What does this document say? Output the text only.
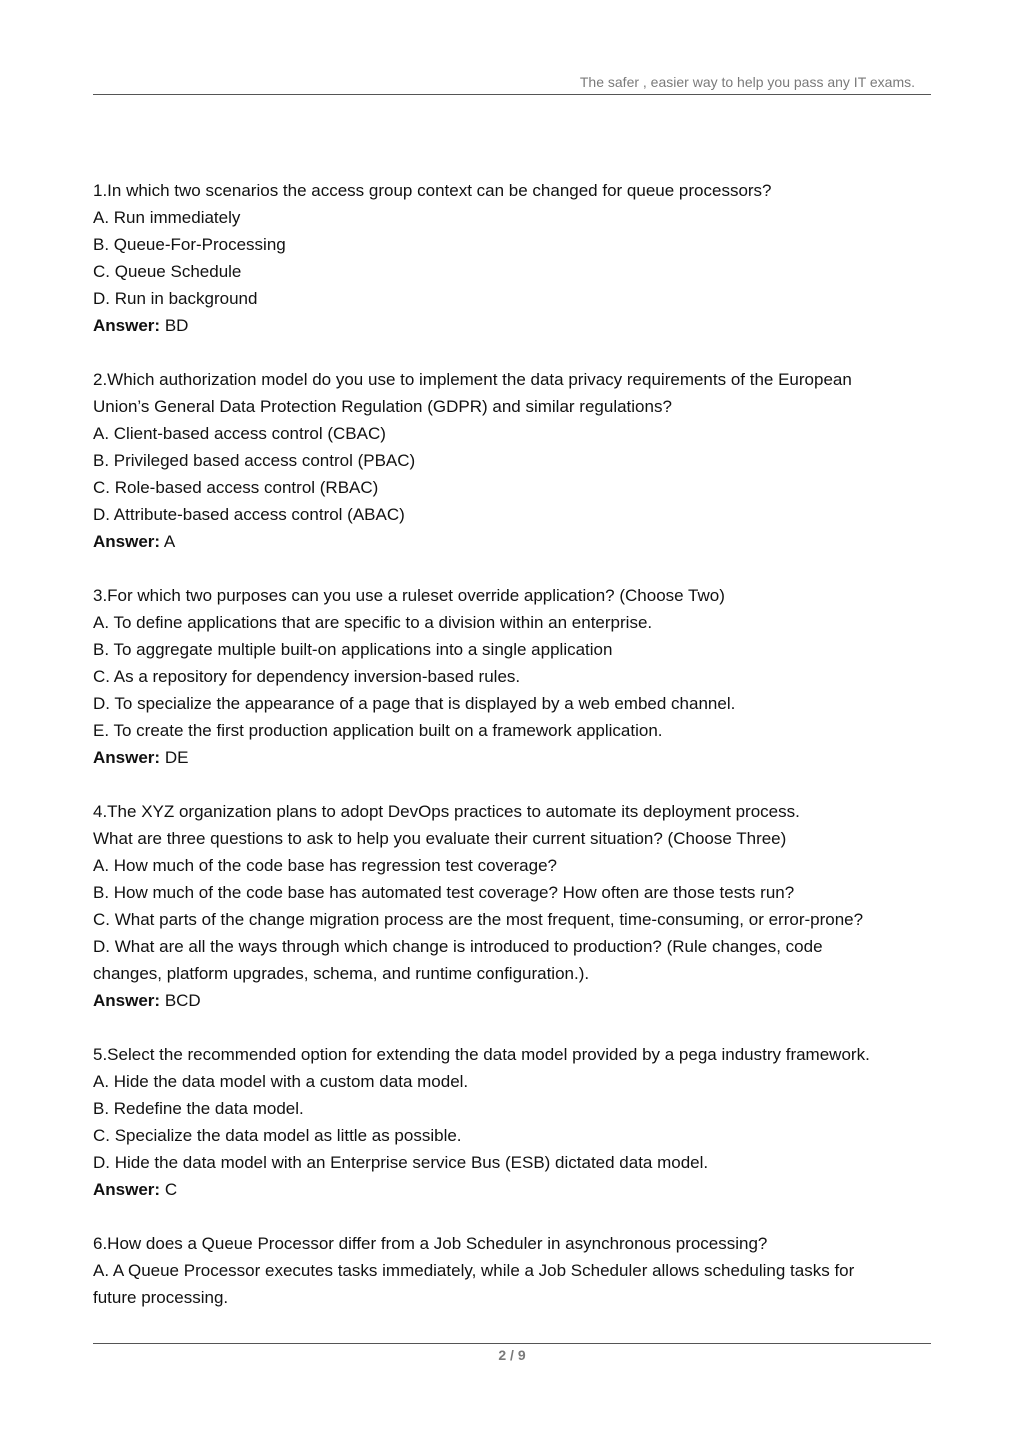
The safer , easier way to help you pass any IT exams.

1.In which two scenarios the access group context can be changed for queue processors?

A. Run immediately

B. Queue-For-Processing

C. Queue Schedule

D. Run in background

Answer: BD

2.Which authorization model do you use to implement the data privacy requirements of the European

Union’s General Data Protection Regulation (GDPR) and similar regulations?

A. Client-based access control (CBAC)

B. Privileged based access control (PBAC)

C. Role-based access control (RBAC)

D. Attribute-based access control (ABAC)

Answer: A

3.For which two purposes can you use a ruleset override application? (Choose Two)

A. To define applications that are specific to a division within an enterprise.

B. To aggregate multiple built-on applications into a single application

C. As a repository for dependency inversion-based rules.

D. To specialize the appearance of a page that is displayed by a web embed channel.

E. To create the first production application built on a framework application.

Answer: DE

4.The XYZ organization plans to adopt DevOps practices to automate its deployment process.

What are three questions to ask to help you evaluate their current situation? (Choose Three)

A. How much of the code base has regression test coverage?

B. How much of the code base has automated test coverage? How often are those tests run?

C. What parts of the change migration process are the most frequent, time-consuming, or error-prone?

D. What are all the ways through which change is introduced to production? (Rule changes, code

changes, platform upgrades, schema, and runtime configuration.).

Answer: BCD

5.Select the recommended option for extending the data model provided by a pega industry framework.

A. Hide the data model with a custom data model.

B. Redefine the data model.

C. Specialize the data model as little as possible.

D. Hide the data model with an Enterprise service Bus (ESB) dictated data model.

Answer: C

6.How does a Queue Processor differ from a Job Scheduler in asynchronous processing?

A. A Queue Processor executes tasks immediately, while a Job Scheduler allows scheduling tasks for

future processing.

2 / 9
